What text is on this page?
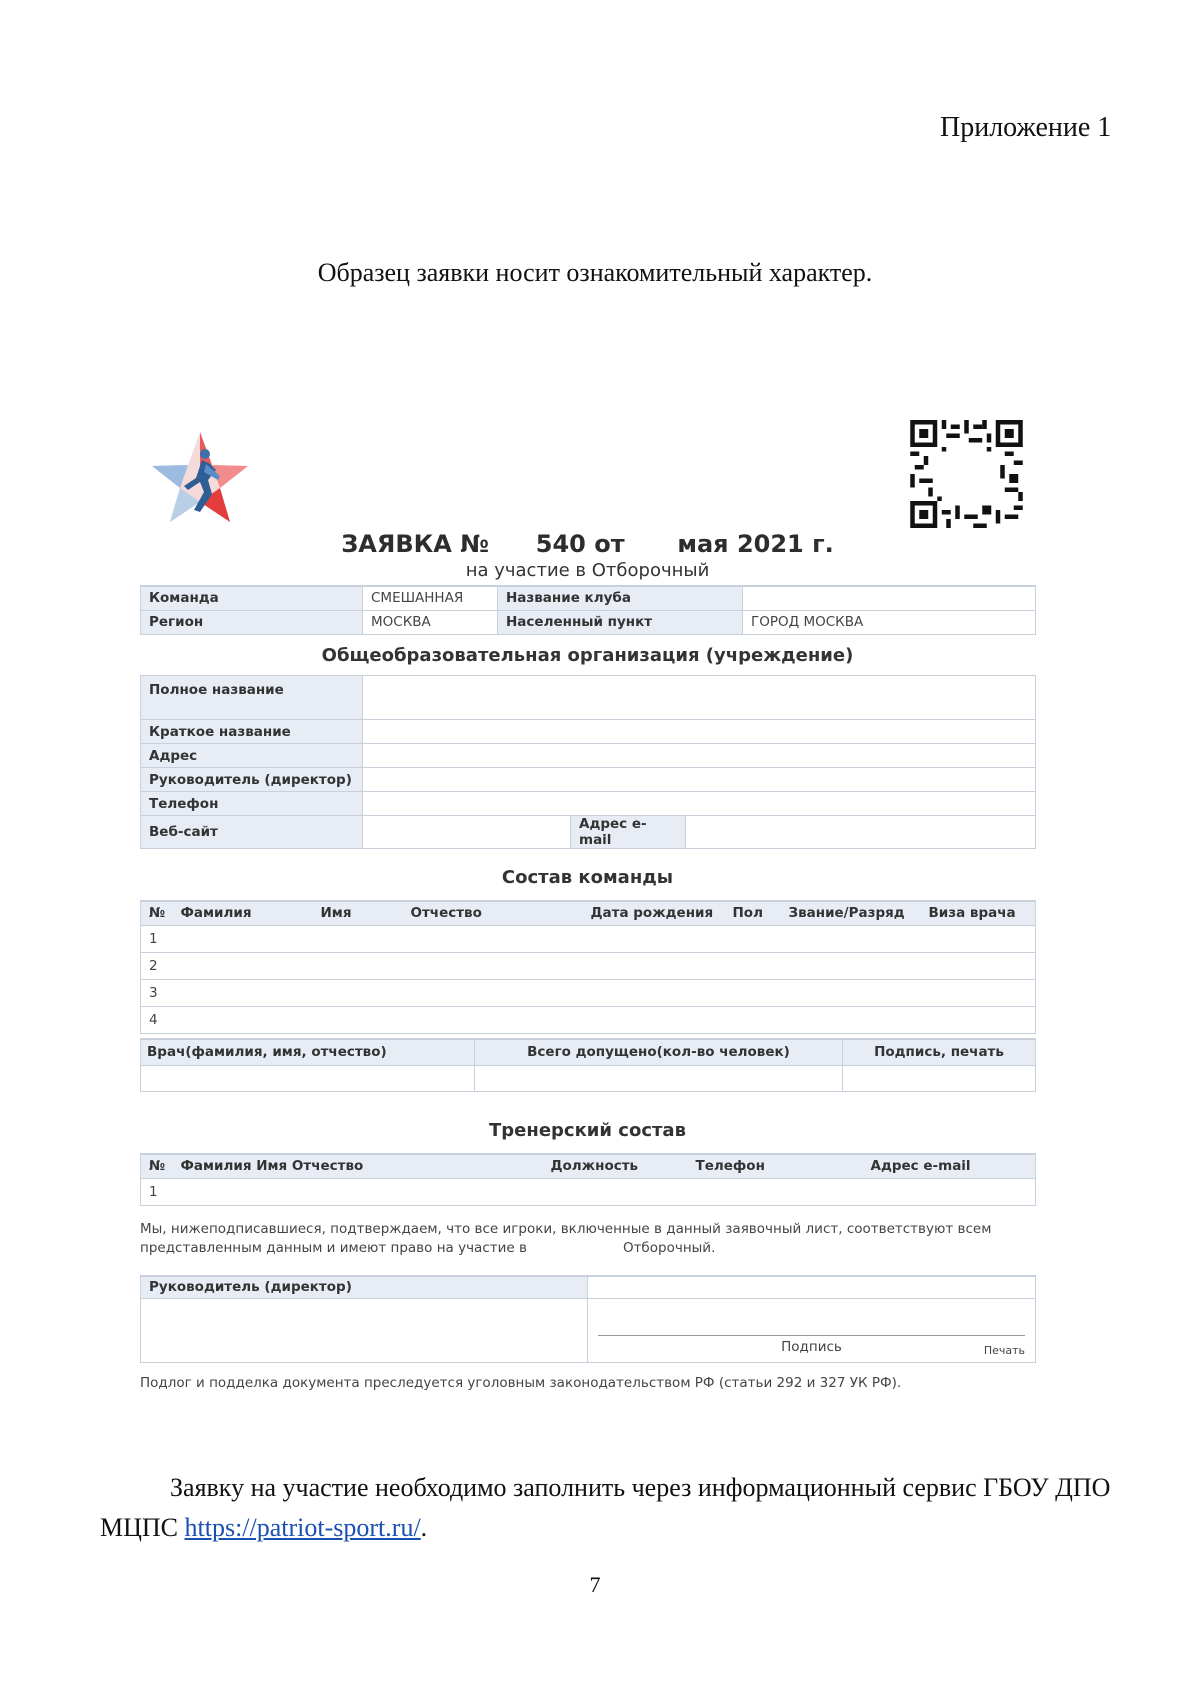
Приложение 1
Образец заявки носит ознакомительный характер.
ЗАЯВКА № 540 от мая 2021 г.
на участие в Отборочный
Команда	СМЕШАННАЯ	Название клуба	
Регион	МОСКВА	Населенный пункт	ГОРОД МОСКВА
Общеобразовательная организация (учреждение)
Полное название			
Краткое название			
Адрес			
Руководитель (директор)			
Телефон			
Веб-сайт		Адрес e-mail	
Состав команды
№	Фамилия	Имя	Отчество	Дата рождения	Пол	Звание/Разряд	Виза врача
1							
2							
3							
4							
Врач(фамилия, имя, отчество)	Всего допущено(кол-во человек)	Подпись, печать

Тренерский состав
№	Фамилия Имя Отчество	Должность	Телефон	Адрес e-mail
1				
Мы, нижеподписавшиеся, подтверждаем, что все игроки, включенные в данный заявочный лист, соответствуют всем
представленным данным и имеют право на участие в	Отборочный.
Руководитель (директор)	

	Подпись Печать
Подлог и подделка документа преследуется уголовным законодательством РФ (статьи 292 и 327 УК РФ).
Заявку на участие необходимо заполнить через информационный сервис ГБОУ ДПО МЦПС https://patriot-sport.ru/.
7
